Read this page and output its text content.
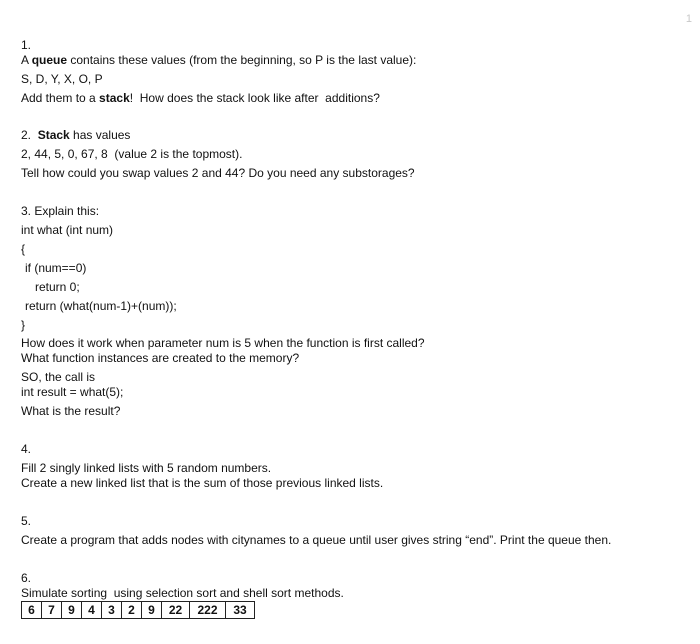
1
1.
A queue contains these values (from the beginning, so P is the last value):
S, D, Y, X, O, P
Add them to a stack!  How does the stack look like after  additions?
2.  Stack has values
2, 44, 5, 0, 67, 8  (value 2 is the topmost).
Tell how could you swap values 2 and 44? Do you need any substorages?
3. Explain this:
int what (int num)
{
if (num==0)
return 0;
return (what(num-1)+(num));
}
How does it work when parameter num is 5 when the function is first called?
What function instances are created to the memory?
SO, the call is
int result = what(5);
What is the result?
4.
Fill 2 singly linked lists with 5 random numbers.
Create a new linked list that is the sum of those previous linked lists.
5.
Create a program that adds nodes with citynames to a queue until user gives string “end”. Print the queue then.
6.
Simulate sorting  using selection sort and shell sort methods.
6	7	9	4	3	2	9	22	222	33
